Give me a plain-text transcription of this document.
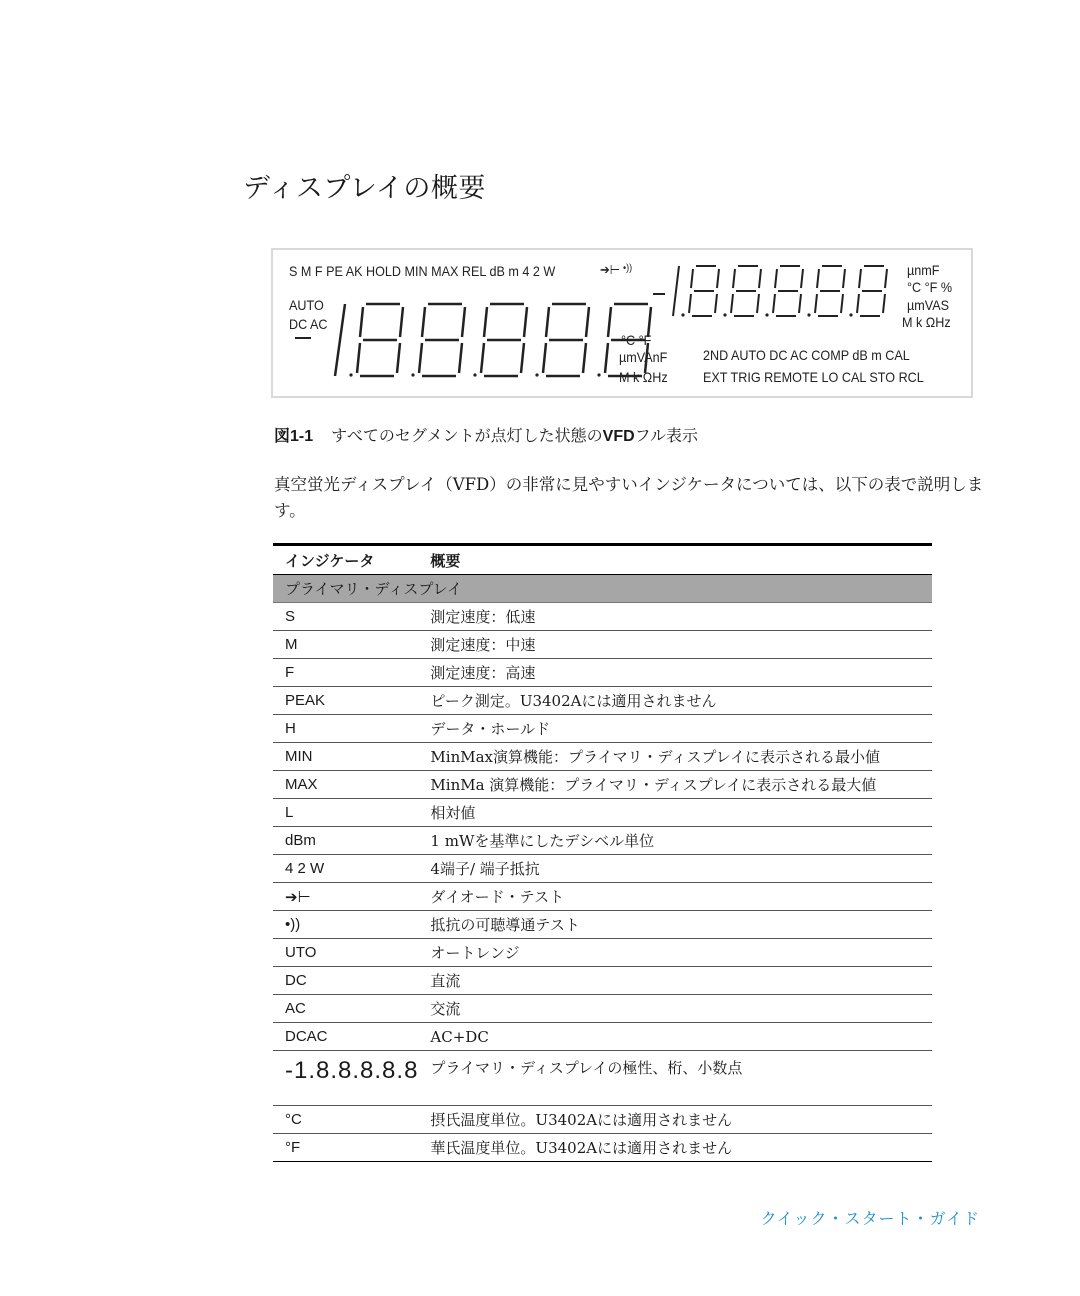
ディスプレイの概要
S M F PE AK HOLD MIN MAX REL dB m 4 2 W	➔⊢ •))
AUTO
DC AC
°C °F
µmVAnF
M k ΩHz
µnmF
°C °F %
µmVAS
M k ΩHz
2ND AUTO DC AC COMP dB m CAL
EXT TRIG REMOTE LO CAL STO RCL
図1-1 すべてのセグメントが点灯した状態のVFDフル表示

真空蛍光ディスプレイ（VFD）の非常に見やすいインジケータについては、以下の表で説明します。

インジケータ	概要
プライマリ・ディスプレイ	
S	測定速度：低速
M	測定速度：中速
F	測定速度：高速
PEAK	ピーク測定。U3402Aには適用されません
H	データ・ホールド
MIN	MinMax演算機能：プライマリ・ディスプレイに表示される最小値
MAX	MinMa 演算機能：プライマリ・ディスプレイに表示される最大値
L	相対値
dBm	1 mWを基準にしたデシベル単位
4 2 W	4端子/ 端子抵抗
➔⊢	ダイオード・テスト
•))	抵抗の可聴導通テスト
UTO	オートレンジ
DC	直流
AC	交流
DCAC	AC+DC
-1.8.8.8.8.8	プライマリ・ディスプレイの極性、桁、小数点
°C	摂氏温度単位。U3402Aには適用されません
°F	華氏温度単位。U3402Aには適用されません
クイック・スタート・ガイド
